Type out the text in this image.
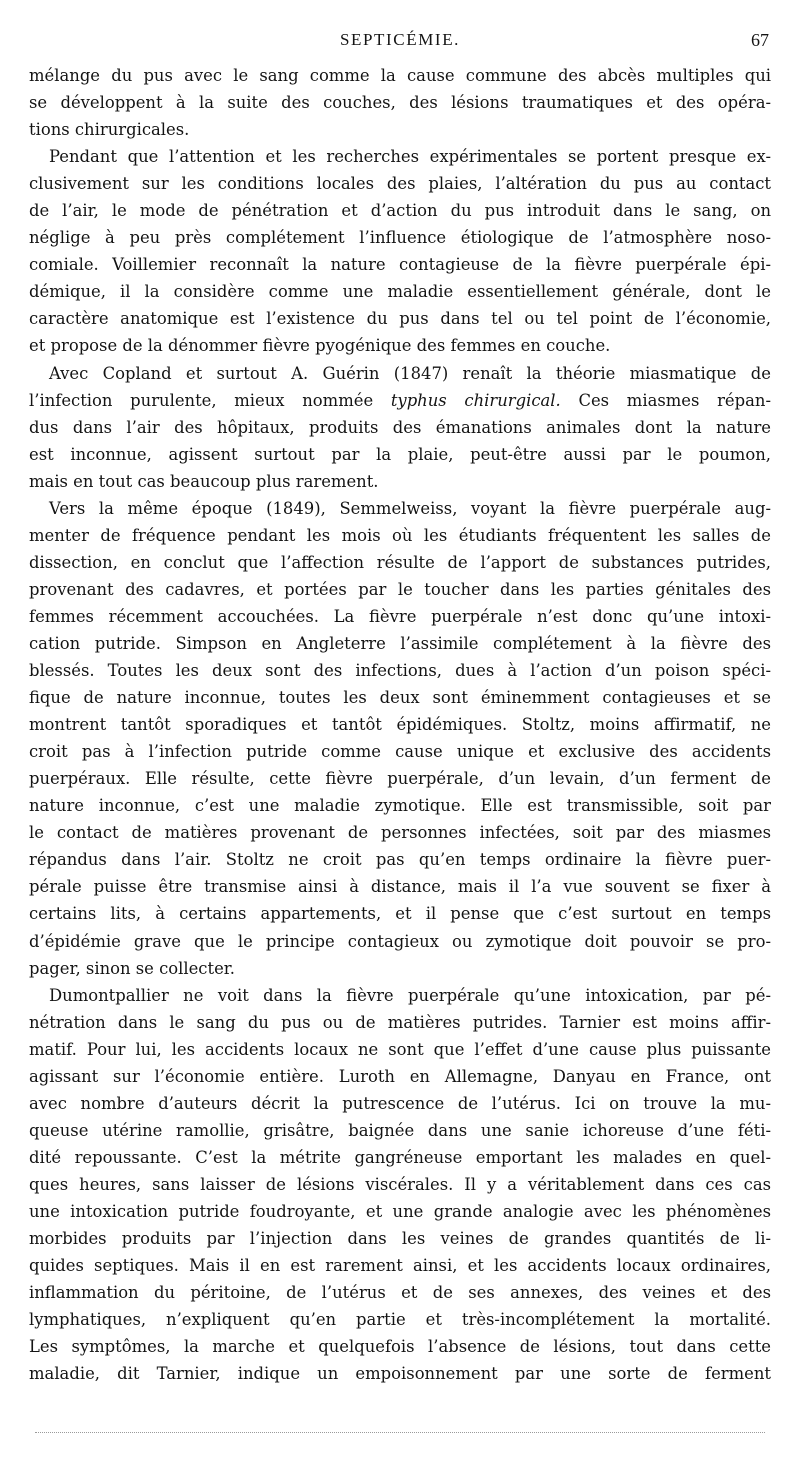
SEPTICÉMIE.	67
mélange du pus avec le sang comme la cause commune des abcès multiples qui
se développent à la suite des couches, des lésions traumatiques et des opéra-
tions chirurgicales.
Pendant que l’attention et les recherches expérimentales se portent presque ex-
clusivement sur les conditions locales des plaies, l’altération du pus au contact
de l’air, le mode de pénétration et d’action du pus introduit dans le sang, on
néglige à peu près complétement l’influence étiologique de l’atmosphère noso-
comiale. Voillemier reconnaît la nature contagieuse de la fièvre puerpérale épi-
démique, il la considère comme une maladie essentiellement générale, dont le
caractère anatomique est l’existence du pus dans tel ou tel point de l’économie,
et propose de la dénommer fièvre pyogénique des femmes en couche.
Avec Copland et surtout A. Guérin (1847) renaît la théorie miasmatique de
l’infection purulente, mieux nommée typhus chirurgical. Ces miasmes répan-
dus dans l’air des hôpitaux, produits des émanations animales dont la nature
est inconnue, agissent surtout par la plaie, peut-être aussi par le poumon,
mais en tout cas beaucoup plus rarement.
Vers la même époque (1849), Semmelweiss, voyant la fièvre puerpérale aug-
menter de fréquence pendant les mois où les étudiants fréquentent les salles de
dissection, en conclut que l’affection résulte de l’apport de substances putrides,
provenant des cadavres, et portées par le toucher dans les parties génitales des
femmes récemment accouchées. La fièvre puerpérale n’est donc qu’une intoxi-
cation putride. Simpson en Angleterre l’assimile complétement à la fièvre des
blessés. Toutes les deux sont des infections, dues à l’action d’un poison spéci-
fique de nature inconnue, toutes les deux sont éminemment contagieuses et se
montrent tantôt sporadiques et tantôt épidémiques. Stoltz, moins affirmatif, ne
croit pas à l’infection putride comme cause unique et exclusive des accidents
puerpéraux. Elle résulte, cette fièvre puerpérale, d’un levain, d’un ferment de
nature inconnue, c’est une maladie zymotique. Elle est transmissible, soit par
le contact de matières provenant de personnes infectées, soit par des miasmes
répandus dans l’air. Stoltz ne croit pas qu’en temps ordinaire la fièvre puer-
pérale puisse être transmise ainsi à distance, mais il l’a vue souvent se fixer à
certains lits, à certains appartements, et il pense que c’est surtout en temps
d’épidémie grave que le principe contagieux ou zymotique doit pouvoir se pro-
pager, sinon se collecter.
Dumontpallier ne voit dans la fièvre puerpérale qu’une intoxication, par pé-
nétration dans le sang du pus ou de matières putrides. Tarnier est moins affir-
matif. Pour lui, les accidents locaux ne sont que l’effet d’une cause plus puissante
agissant sur l’économie entière. Luroth en Allemagne, Danyau en France, ont
avec nombre d’auteurs décrit la putrescence de l’utérus. Ici on trouve la mu-
queuse utérine ramollie, grisâtre, baignée dans une sanie ichoreuse d’une féti-
dité repoussante. C’est la métrite gangréneuse emportant les malades en quel-
ques heures, sans laisser de lésions viscérales. Il y a véritablement dans ces cas
une intoxication putride foudroyante, et une grande analogie avec les phénomènes
morbides produits par l’injection dans les veines de grandes quantités de li-
quides septiques. Mais il en est rarement ainsi, et les accidents locaux ordinaires,
inflammation du péritoine, de l’utérus et de ses annexes, des veines et des
lymphatiques, n’expliquent qu’en partie et très-incomplétement la mortalité.
Les symptômes, la marche et quelquefois l’absence de lésions, tout dans cette
maladie, dit Tarnier, indique un empoisonnement par une sorte de ferment
